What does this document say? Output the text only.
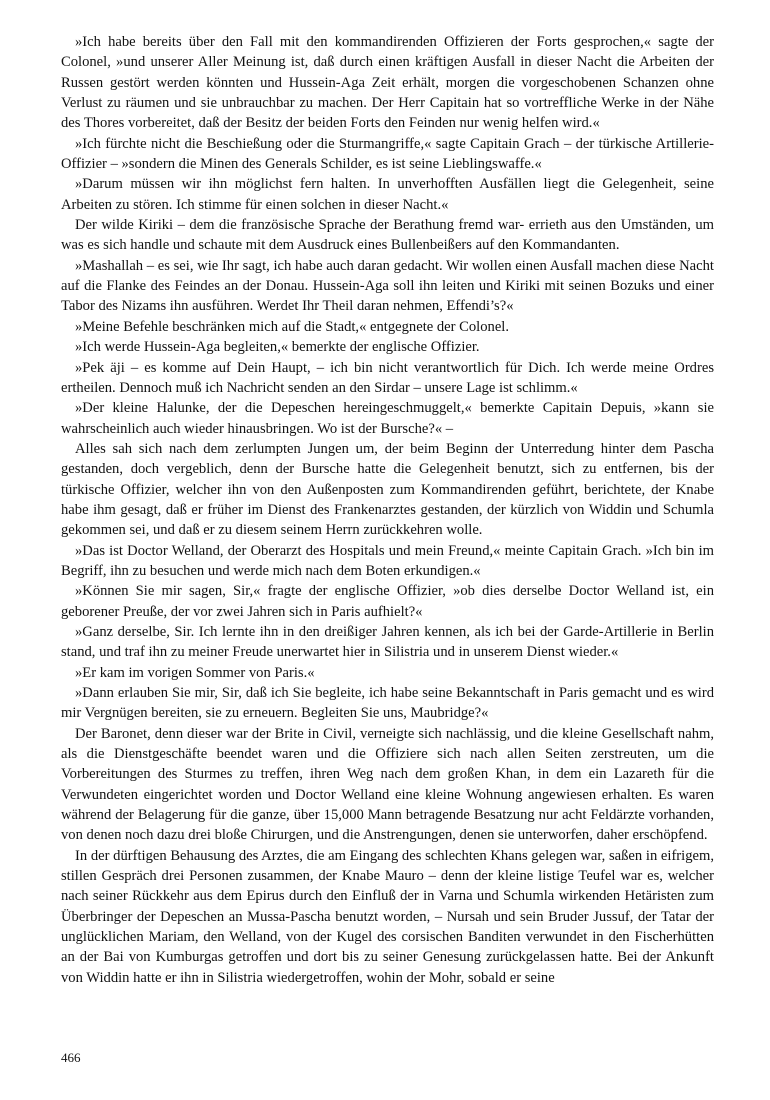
»Ich habe bereits über den Fall mit den kommandirenden Offizieren der Forts gesprochen,« sagte der Colonel, »und unserer Aller Meinung ist, daß durch einen kräftigen Ausfall in dieser Nacht die Arbeiten der Russen gestört werden könnten und Hussein-Aga Zeit erhält, morgen die vorgeschobenen Schanzen ohne Verlust zu räumen und sie unbrauchbar zu machen. Der Herr Capitain hat so vortreffliche Werke in der Nähe des Thores vorbereitet, daß der Besitz der beiden Forts den Feinden nur wenig helfen wird.«

»Ich fürchte nicht die Beschießung oder die Sturmangriffe,« sagte Capitain Grach – der türkische Artillerie-Offizier – »sondern die Minen des Generals Schilder, es ist seine Lieblingswaffe.«

»Darum müssen wir ihn möglichst fern halten. In unverhofften Ausfällen liegt die Gelegenheit, seine Arbeiten zu stören. Ich stimme für einen solchen in dieser Nacht.«

Der wilde Kiriki – dem die französische Sprache der Berathung fremd war- errieth aus den Umständen, um was es sich handle und schaute mit dem Ausdruck eines Bullenbeißers auf den Kommandanten.

»Mashallah – es sei, wie Ihr sagt, ich habe auch daran gedacht. Wir wollen einen Ausfall machen diese Nacht auf die Flanke des Feindes an der Donau. Hussein-Aga soll ihn leiten und Kiriki mit seinen Bozuks und einer Tabor des Nizams ihn ausführen. Werdet Ihr Theil daran nehmen, Effendi’s?«

»Meine Befehle beschränken mich auf die Stadt,« entgegnete der Colonel.

»Ich werde Hussein-Aga begleiten,« bemerkte der englische Offizier.

»Pek äji – es komme auf Dein Haupt, – ich bin nicht verantwortlich für Dich. Ich werde meine Ordres ertheilen. Dennoch muß ich Nachricht senden an den Sirdar – unsere Lage ist schlimm.«

»Der kleine Halunke, der die Depeschen hereingeschmuggelt,« bemerkte Capitain Depuis, »kann sie wahrscheinlich auch wieder hinausbringen. Wo ist der Bursche?« –

Alles sah sich nach dem zerlumpten Jungen um, der beim Beginn der Unterredung hinter dem Pascha gestanden, doch vergeblich, denn der Bursche hatte die Gelegenheit benutzt, sich zu entfernen, bis der türkische Offizier, welcher ihn von den Außenposten zum Kommandirenden geführt, berichtete, der Knabe habe ihm gesagt, daß er früher im Dienst des Frankenarztes gestanden, der kürzlich von Widdin und Schumla gekommen sei, und daß er zu diesem seinem Herrn zurückkehren wolle.

»Das ist Doctor Welland, der Oberarzt des Hospitals und mein Freund,« meinte Capitain Grach. »Ich bin im Begriff, ihn zu besuchen und werde mich nach dem Boten erkundigen.«

»Können Sie mir sagen, Sir,« fragte der englische Offizier, »ob dies derselbe Doctor Welland ist, ein geborener Preuße, der vor zwei Jahren sich in Paris aufhielt?«

»Ganz derselbe, Sir. Ich lernte ihn in den dreißiger Jahren kennen, als ich bei der Garde-Artillerie in Berlin stand, und traf ihn zu meiner Freude unerwartet hier in Silistria und in unserem Dienst wieder.«

»Er kam im vorigen Sommer von Paris.«

»Dann erlauben Sie mir, Sir, daß ich Sie begleite, ich habe seine Bekanntschaft in Paris gemacht und es wird mir Vergnügen bereiten, sie zu erneuern. Begleiten Sie uns, Maubridge?«

Der Baronet, denn dieser war der Brite in Civil, verneigte sich nachlässig, und die kleine Gesellschaft nahm, als die Dienstgeschäfte beendet waren und die Offiziere sich nach allen Seiten zerstreuten, um die Vorbereitungen des Sturmes zu treffen, ihren Weg nach dem großen Khan, in dem ein Lazareth für die Verwundeten eingerichtet worden und Doctor Welland eine kleine Wohnung angewiesen erhalten. Es waren während der Belagerung für die ganze, über 15,000 Mann betragende Besatzung nur acht Feldärzte vorhanden, von denen noch dazu drei bloße Chirurgen, und die Anstrengungen, denen sie unterworfen, daher erschöpfend.

In der dürftigen Behausung des Arztes, die am Eingang des schlechten Khans gelegen war, saßen in eifrigem, stillen Gespräch drei Personen zusammen, der Knabe Mauro – denn der kleine listige Teufel war es, welcher nach seiner Rückkehr aus dem Epirus durch den Einfluß der in Varna und Schumla wirkenden Hetäristen zum Überbringer der Depeschen an Mussa-Pascha benutzt worden, – Nursah und sein Bruder Jussuf, der Tatar der unglücklichen Mariam, den Welland, von der Kugel des corsischen Banditen verwundet in den Fischerhütten an der Bai von Kumburgas getroffen und dort bis zu seiner Genesung zurückgelassen hatte. Bei der Ankunft von Widdin hatte er ihn in Silistria wiedergetroffen, wohin der Mohr, sobald er seine

466
